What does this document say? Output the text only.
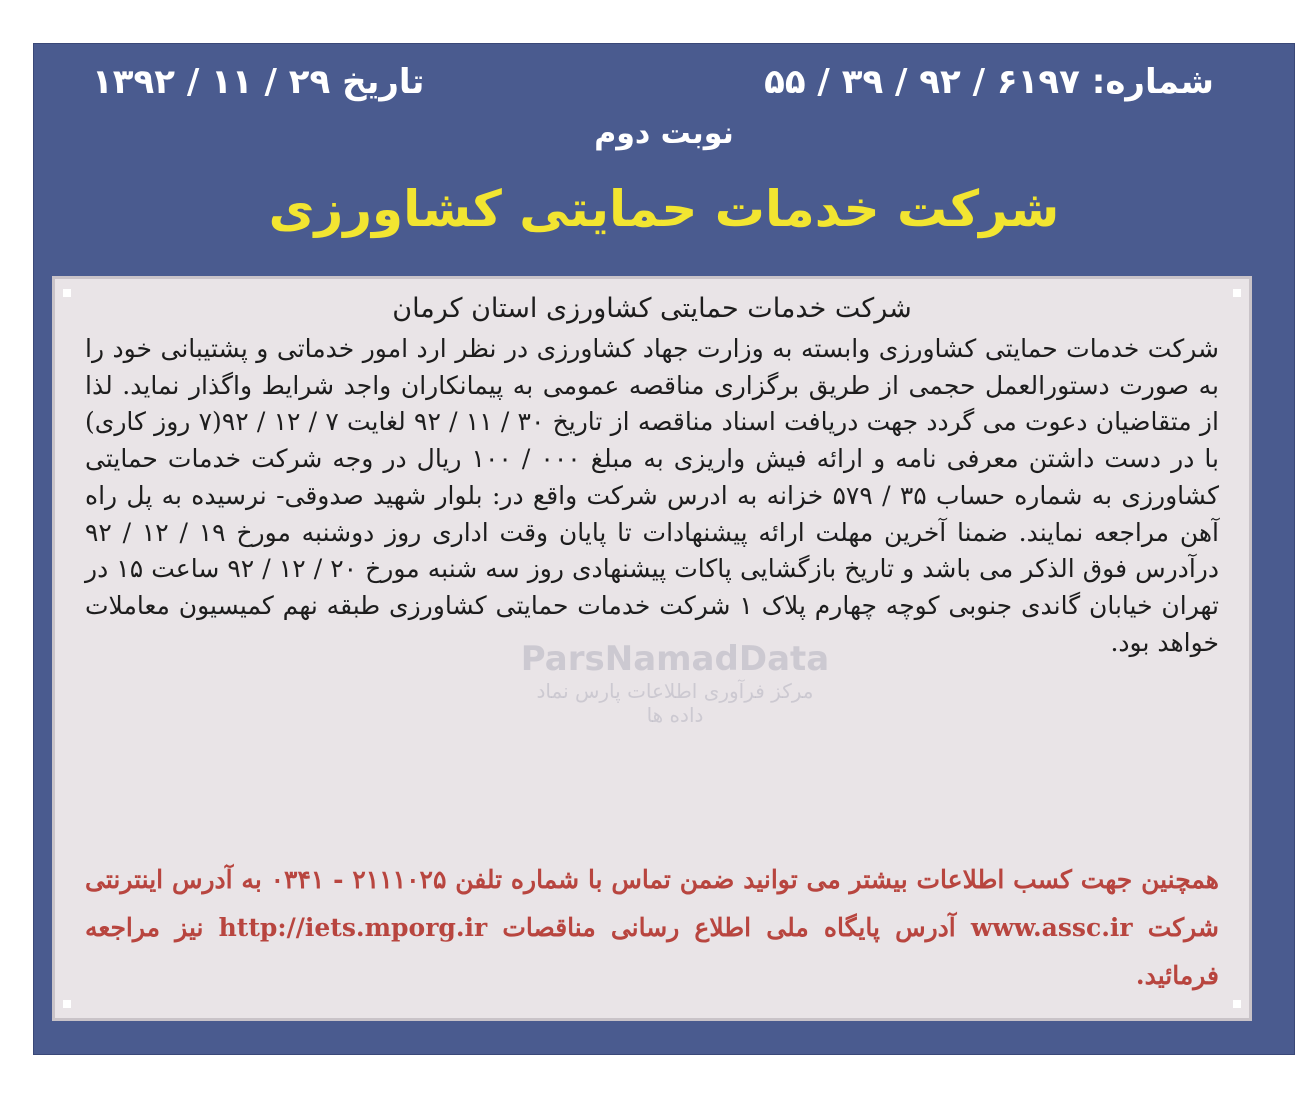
شماره: ۶۱۹۷ / ۹۲ / ۳۹ / ۵۵
تاریخ ۲۹ / ۱۱ / ۱۳۹۲
نوبت دوم
شرکت خدمات حمایتی کشاورزی
شرکت خدمات حمایتی کشاورزی استان کرمان
شرکت خدمات حمایتی کشاورزی وابسته به وزارت جهاد کشاورزی در نظر ارد امور خدماتی و پشتیبانی خود را به صورت دستورالعمل حجمی از طریق برگزاری مناقصه عمومی به پیمانکاران واجد شرایط واگذار نماید. لذا از متقاضیان دعوت می گردد جهت دریافت اسناد مناقصه از تاریخ ۳۰ / ۱۱ / ۹۲ لغایت ۷ / ۱۲ / ۹۲(۷ روز کاری) با در دست داشتن معرفی نامه و ارائه فیش واریزی به مبلغ ۰۰۰ / ۱۰۰ ریال در وجه شرکت خدمات حمایتی کشاورزی به شماره حساب ۳۵ / ۵۷۹ خزانه به ادرس شرکت واقع در: بلوار شهید صدوقی- نرسیده به پل راه آهن مراجعه نمایند. ضمنا آخرین مهلت ارائه پیشنهادات تا پایان وقت اداری روز دوشنبه مورخ ۱۹ / ۱۲ / ۹۲ درآدرس فوق الذکر می باشد و تاریخ بازگشایی پاکات پیشنهادی روز سه شنبه مورخ ۲۰ / ۱۲ / ۹۲ ساعت ۱۵ در تهران خیابان گاندی جنوبی کوچه چهارم پلاک ۱ شرکت خدمات حمایتی کشاورزی طبقه نهم کمیسیون معاملات خواهد بود.
ParsNamadData
مرکز فرآوری اطلاعات پارس نماد داده ها
همچنین جهت کسب اطلاعات بیشتر می توانید ضمن تماس با شماره تلفن ۲۱۱۱۰۲۵ - ۰۳۴۱ به آدرس اینترنتی شرکت www.assc.ir آدرس پایگاه ملی اطلاع رسانی مناقصات http://iets.mporg.ir نیز مراجعه فرمائید.
